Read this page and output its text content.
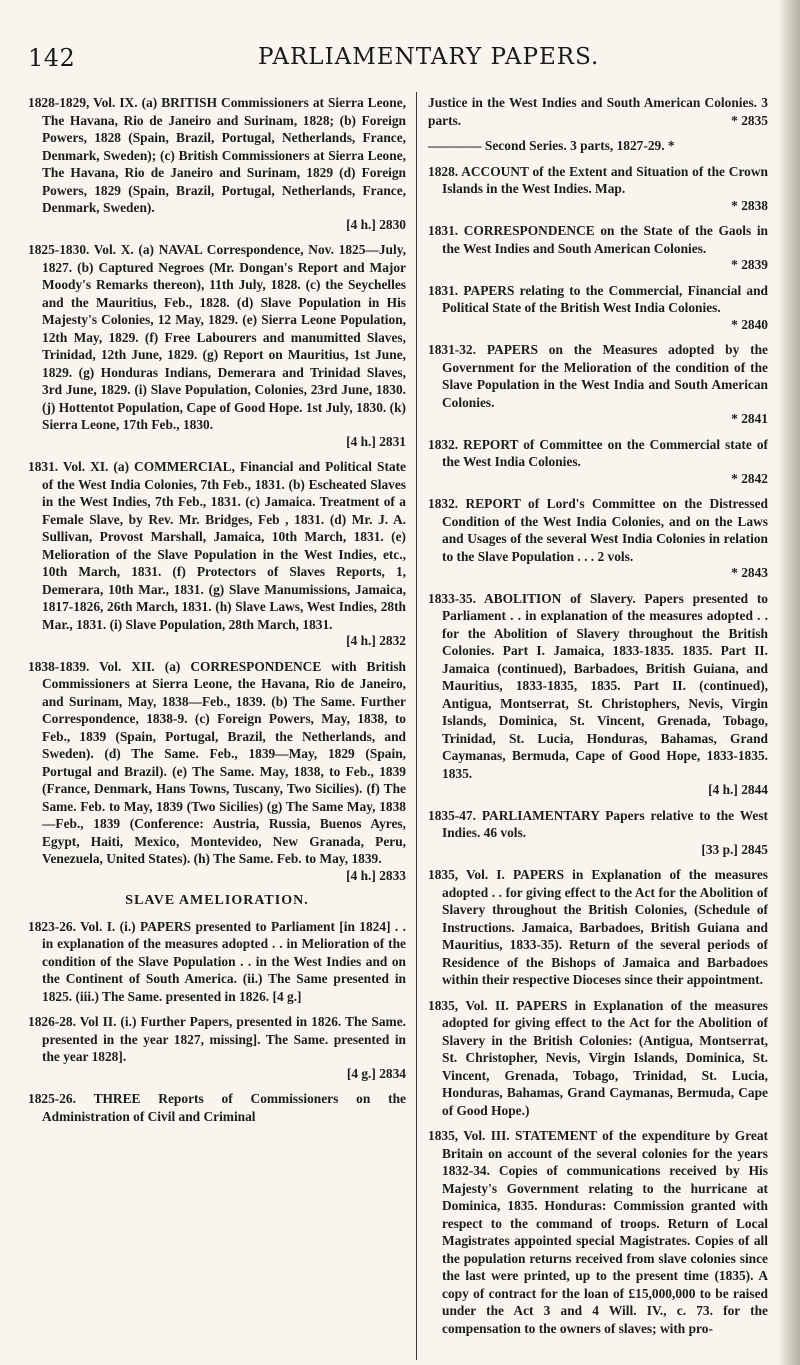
142	PARLIAMENTARY PAPERS.

1828-1829, Vol. IX. (a) BRITISH Commissioners at Sierra Leone, The Havana, Rio de Janeiro and Surinam, 1828; (b) Foreign Powers, 1828 (Spain, Brazil, Portugal, Netherlands, France, Denmark, Sweden); (c) British Commissioners at Sierra Leone, The Havana, Rio de Janeiro and Surinam, 1829 (d) Foreign Powers, 1829 (Spain, Brazil, Portugal, Netherlands, France, Denmark, Sweden).
[4 h.] 2830

1825-1830. Vol. X. (a) NAVAL Correspondence, Nov. 1825—July, 1827. (b) Captured Negroes (Mr. Dongan's Report and Major Moody's Remarks thereon), 11th July, 1828. (c) the Seychelles and the Mauritius, Feb., 1828. (d) Slave Population in His Majesty's Colonies, 12 May, 1829. (e) Sierra Leone Population, 12th May, 1829. (f) Free Labourers and manumitted Slaves, Trinidad, 12th June, 1829. (g) Report on Mauritius, 1st June, 1829. (g) Honduras Indians, Demerara and Trinidad Slaves, 3rd June, 1829. (i) Slave Population, Colonies, 23rd June, 1830. (j) Hottentot Population, Cape of Good Hope. 1st July, 1830. (k) Sierra Leone, 17th Feb., 1830.
[4 h.] 2831

1831. Vol. XI. (a) COMMERCIAL, Financial and Political State of the West India Colonies, 7th Feb., 1831. (b) Escheated Slaves in the West Indies, 7th Feb., 1831. (c) Jamaica. Treatment of a Female Slave, by Rev. Mr. Bridges, Feb , 1831. (d) Mr. J. A. Sullivan, Provost Marshall, Jamaica, 10th March, 1831. (e) Melioration of the Slave Population in the West Indies, etc., 10th March, 1831. (f) Protectors of Slaves Reports, 1, Demerara, 10th Mar., 1831. (g) Slave Manumissions, Jamaica, 1817-1826, 26th March, 1831. (h) Slave Laws, West Indies, 28th Mar., 1831. (i) Slave Population, 28th March, 1831.
[4 h.] 2832

1838-1839. Vol. XII. (a) CORRESPONDENCE with British Commissioners at Sierra Leone, the Havana, Rio de Janeiro, and Surinam, May, 1838—Feb., 1839. (b) The Same. Further Correspondence, 1838-9. (c) Foreign Powers, May, 1838, to Feb., 1839 (Spain, Portugal, Brazil, the Netherlands, and Sweden). (d) The Same. Feb., 1839—May, 1829 (Spain, Portugal and Brazil). (e) The Same. May, 1838, to Feb., 1839 (France, Denmark, Hans Towns, Tuscany, Two Sicilies). (f) The Same. Feb. to May, 1839 (Two Sicilies) (g) The Same May, 1838—Feb., 1839 (Conference: Austria, Russia, Buenos Ayres, Egypt, Haiti, Mexico, Montevideo, New Granada, Peru, Venezuela, United States). (h) The Same. Feb. to May, 1839.
[4 h.] 2833

SLAVE AMELIORATION.

1823-26. Vol. I. (i.) PAPERS presented to Parliament [in 1824] . . in explanation of the measures adopted . . in Melioration of the condition of the Slave Population . . in the West Indies and on the Continent of South America. (ii.) The Same presented in 1825. (iii.) The Same. presented in 1826. [4 g.]

1826-28. Vol II. (i.) Further Papers, presented in 1826. The Same. presented in the year 1827, missing]. The Same. presented in the year 1828].
[4 g.] 2834

1825-26. THREE Reports of Commissioners on the Administration of Civil and Criminal

Justice in the West Indies and South American Colonies. 3 parts.	* 2835

———— Second Series. 3 parts, 1827-29. *

1828. ACCOUNT of the Extent and Situation of the Crown Islands in the West Indies. Map.
* 2838

1831. CORRESPONDENCE on the State of the Gaols in the West Indies and South American Colonies.
* 2839

1831. PAPERS relating to the Commercial, Financial and Political State of the British West India Colonies.
* 2840

1831-32. PAPERS on the Measures adopted by the Government for the Melioration of the condition of the Slave Population in the West India and South American Colonies.
* 2841

1832. REPORT of Committee on the Commercial state of the West India Colonies.
* 2842

1832. REPORT of Lord's Committee on the Distressed Condition of the West India Colonies, and on the Laws and Usages of the several West India Colonies in relation to the Slave Population . . . 2 vols.
* 2843

1833-35. ABOLITION of Slavery. Papers presented to Parliament . . in explanation of the measures adopted . . for the Abolition of Slavery throughout the British Colonies. Part I. Jamaica, 1833-1835. 1835. Part II. Jamaica (continued), Barbadoes, British Guiana, and Mauritius, 1833-1835, 1835. Part II. (continued), Antigua, Montserrat, St. Christophers, Nevis, Virgin Islands, Dominica, St. Vincent, Grenada, Tobago, Trinidad, St. Lucia, Honduras, Bahamas, Grand Caymanas, Bermuda, Cape of Good Hope, 1833-1835. 1835.
[4 h.] 2844

1835-47. PARLIAMENTARY Papers relative to the West Indies. 46 vols.
[33 p.] 2845

1835, Vol. I. PAPERS in Explanation of the measures adopted . . for giving effect to the Act for the Abolition of Slavery throughout the British Colonies, (Schedule of Instructions. Jamaica, Barbadoes, British Guiana and Mauritius, 1833-35). Return of the several periods of Residence of the Bishops of Jamaica and Barbadoes within their respective Dioceses since their appointment.

1835, Vol. II. PAPERS in Explanation of the measures adopted for giving effect to the Act for the Abolition of Slavery in the British Colonies: (Antigua, Montserrat, St. Christopher, Nevis, Virgin Islands, Dominica, St. Vincent, Grenada, Tobago, Trinidad, St. Lucia, Honduras, Bahamas, Grand Caymanas, Bermuda, Cape of Good Hope.)

1835, Vol. III. STATEMENT of the expenditure by Great Britain on account of the several colonies for the years 1832-34. Copies of communications received by His Majesty's Government relating to the hurricane at Dominica, 1835. Honduras: Commission granted with respect to the command of troops. Return of Local Magistrates appointed special Magistrates. Copies of all the population returns received from slave colonies since the last were printed, up to the present time (1835). A copy of contract for the loan of £15,000,000 to be raised under the Act 3 and 4 Will. IV., c. 73. for the compensation to the owners of slaves; with pro-
